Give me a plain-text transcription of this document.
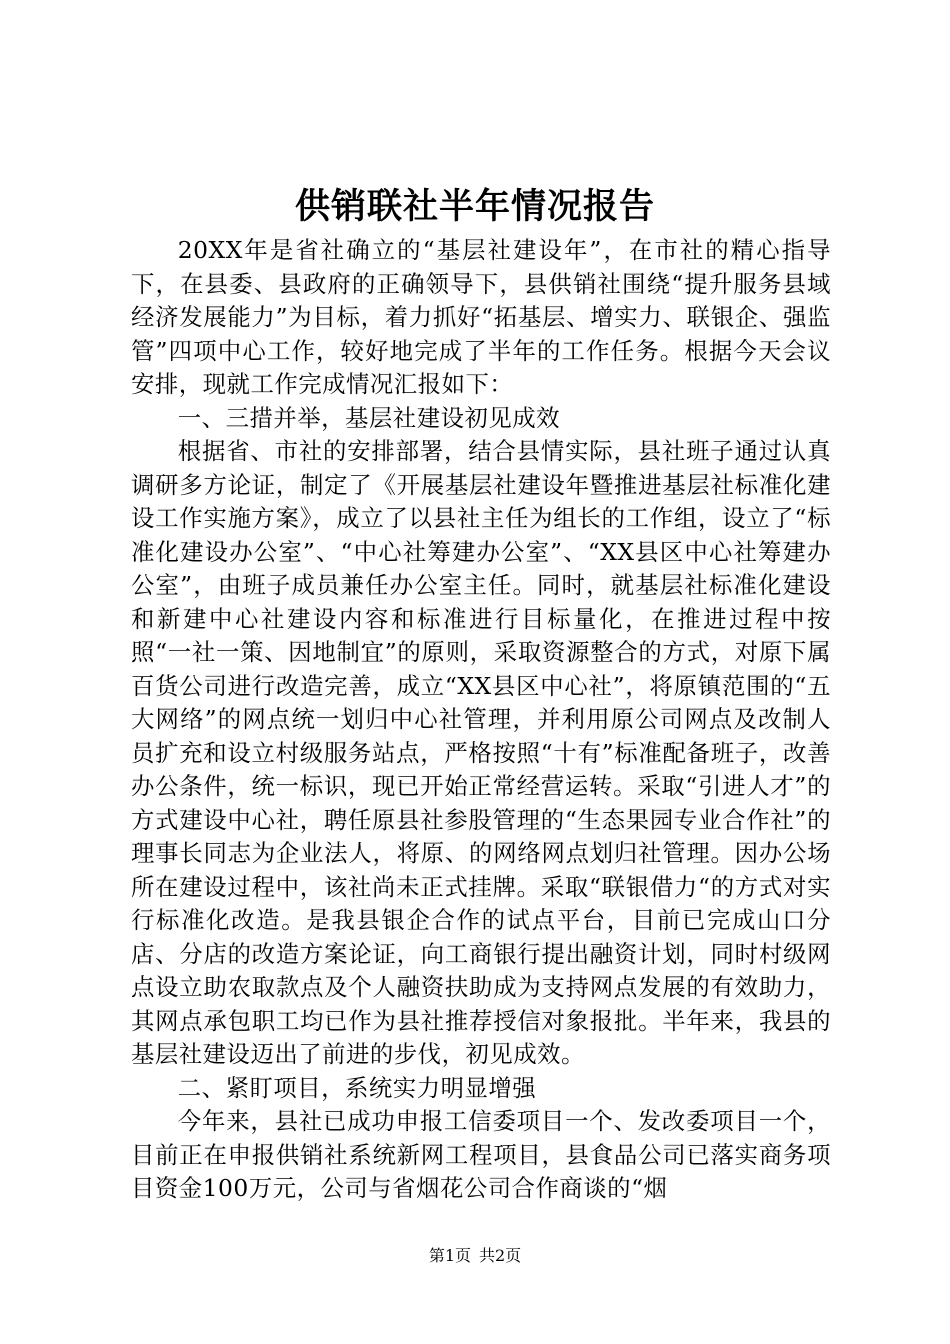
供销联社半年情况报告

20XX年是省社确立的“基层社建设年”，在市社的精心指导下，在县委、县政府的正确领导下，县供销社围绕“提升服务县域经济发展能力”为目标，着力抓好“拓基层、增实力、联银企、强监管”四项中心工作，较好地完成了半年的工作任务。根据今天会议安排，现就工作完成情况汇报如下：

一、三措并举，基层社建设初见成效

根据省、市社的安排部署，结合县情实际，县社班子通过认真调研多方论证，制定了《开展基层社建设年暨推进基层社标准化建设工作实施方案》，成立了以县社主任为组长的工作组，设立了“标准化建设办公室”、“中心社筹建办公室”、“XX县区中心社筹建办公室”，由班子成员兼任办公室主任。同时，就基层社标准化建设和新建中心社建设内容和标准进行目标量化，在推进过程中按照“一社一策、因地制宜”的原则，采取资源整合的方式，对原下属百货公司进行改造完善，成立“XX县区中心社”，将原镇范围的“五大网络”的网点统一划归中心社管理，并利用原公司网点及改制人员扩充和设立村级服务站点，严格按照“十有”标准配备班子，改善办公条件，统一标识，现已开始正常经营运转。采取“引进人才”的方式建设中心社，聘任原县社参股管理的“生态果园专业合作社”的理事长同志为企业法人，将原、的网络网点划归社管理。因办公场所在建设过程中，该社尚未正式挂牌。采取“联银借力“的方式对实行标准化改造。是我县银企合作的试点平台，目前已完成山口分店、分店的改造方案论证，向工商银行提出融资计划，同时村级网点设立助农取款点及个人融资扶助成为支持网点发展的有效助力，其网点承包职工均已作为县社推荐授信对象报批。半年来，我县的基层社建设迈出了前进的步伐，初见成效。

二、紧盯项目，系统实力明显增强

今年来，县社已成功申报工信委项目一个、发改委项目一个，目前正在申报供销社系统新网工程项目，县食品公司已落实商务项目资金100万元，公司与省烟花公司合作商谈的“烟

第1页 共2页
